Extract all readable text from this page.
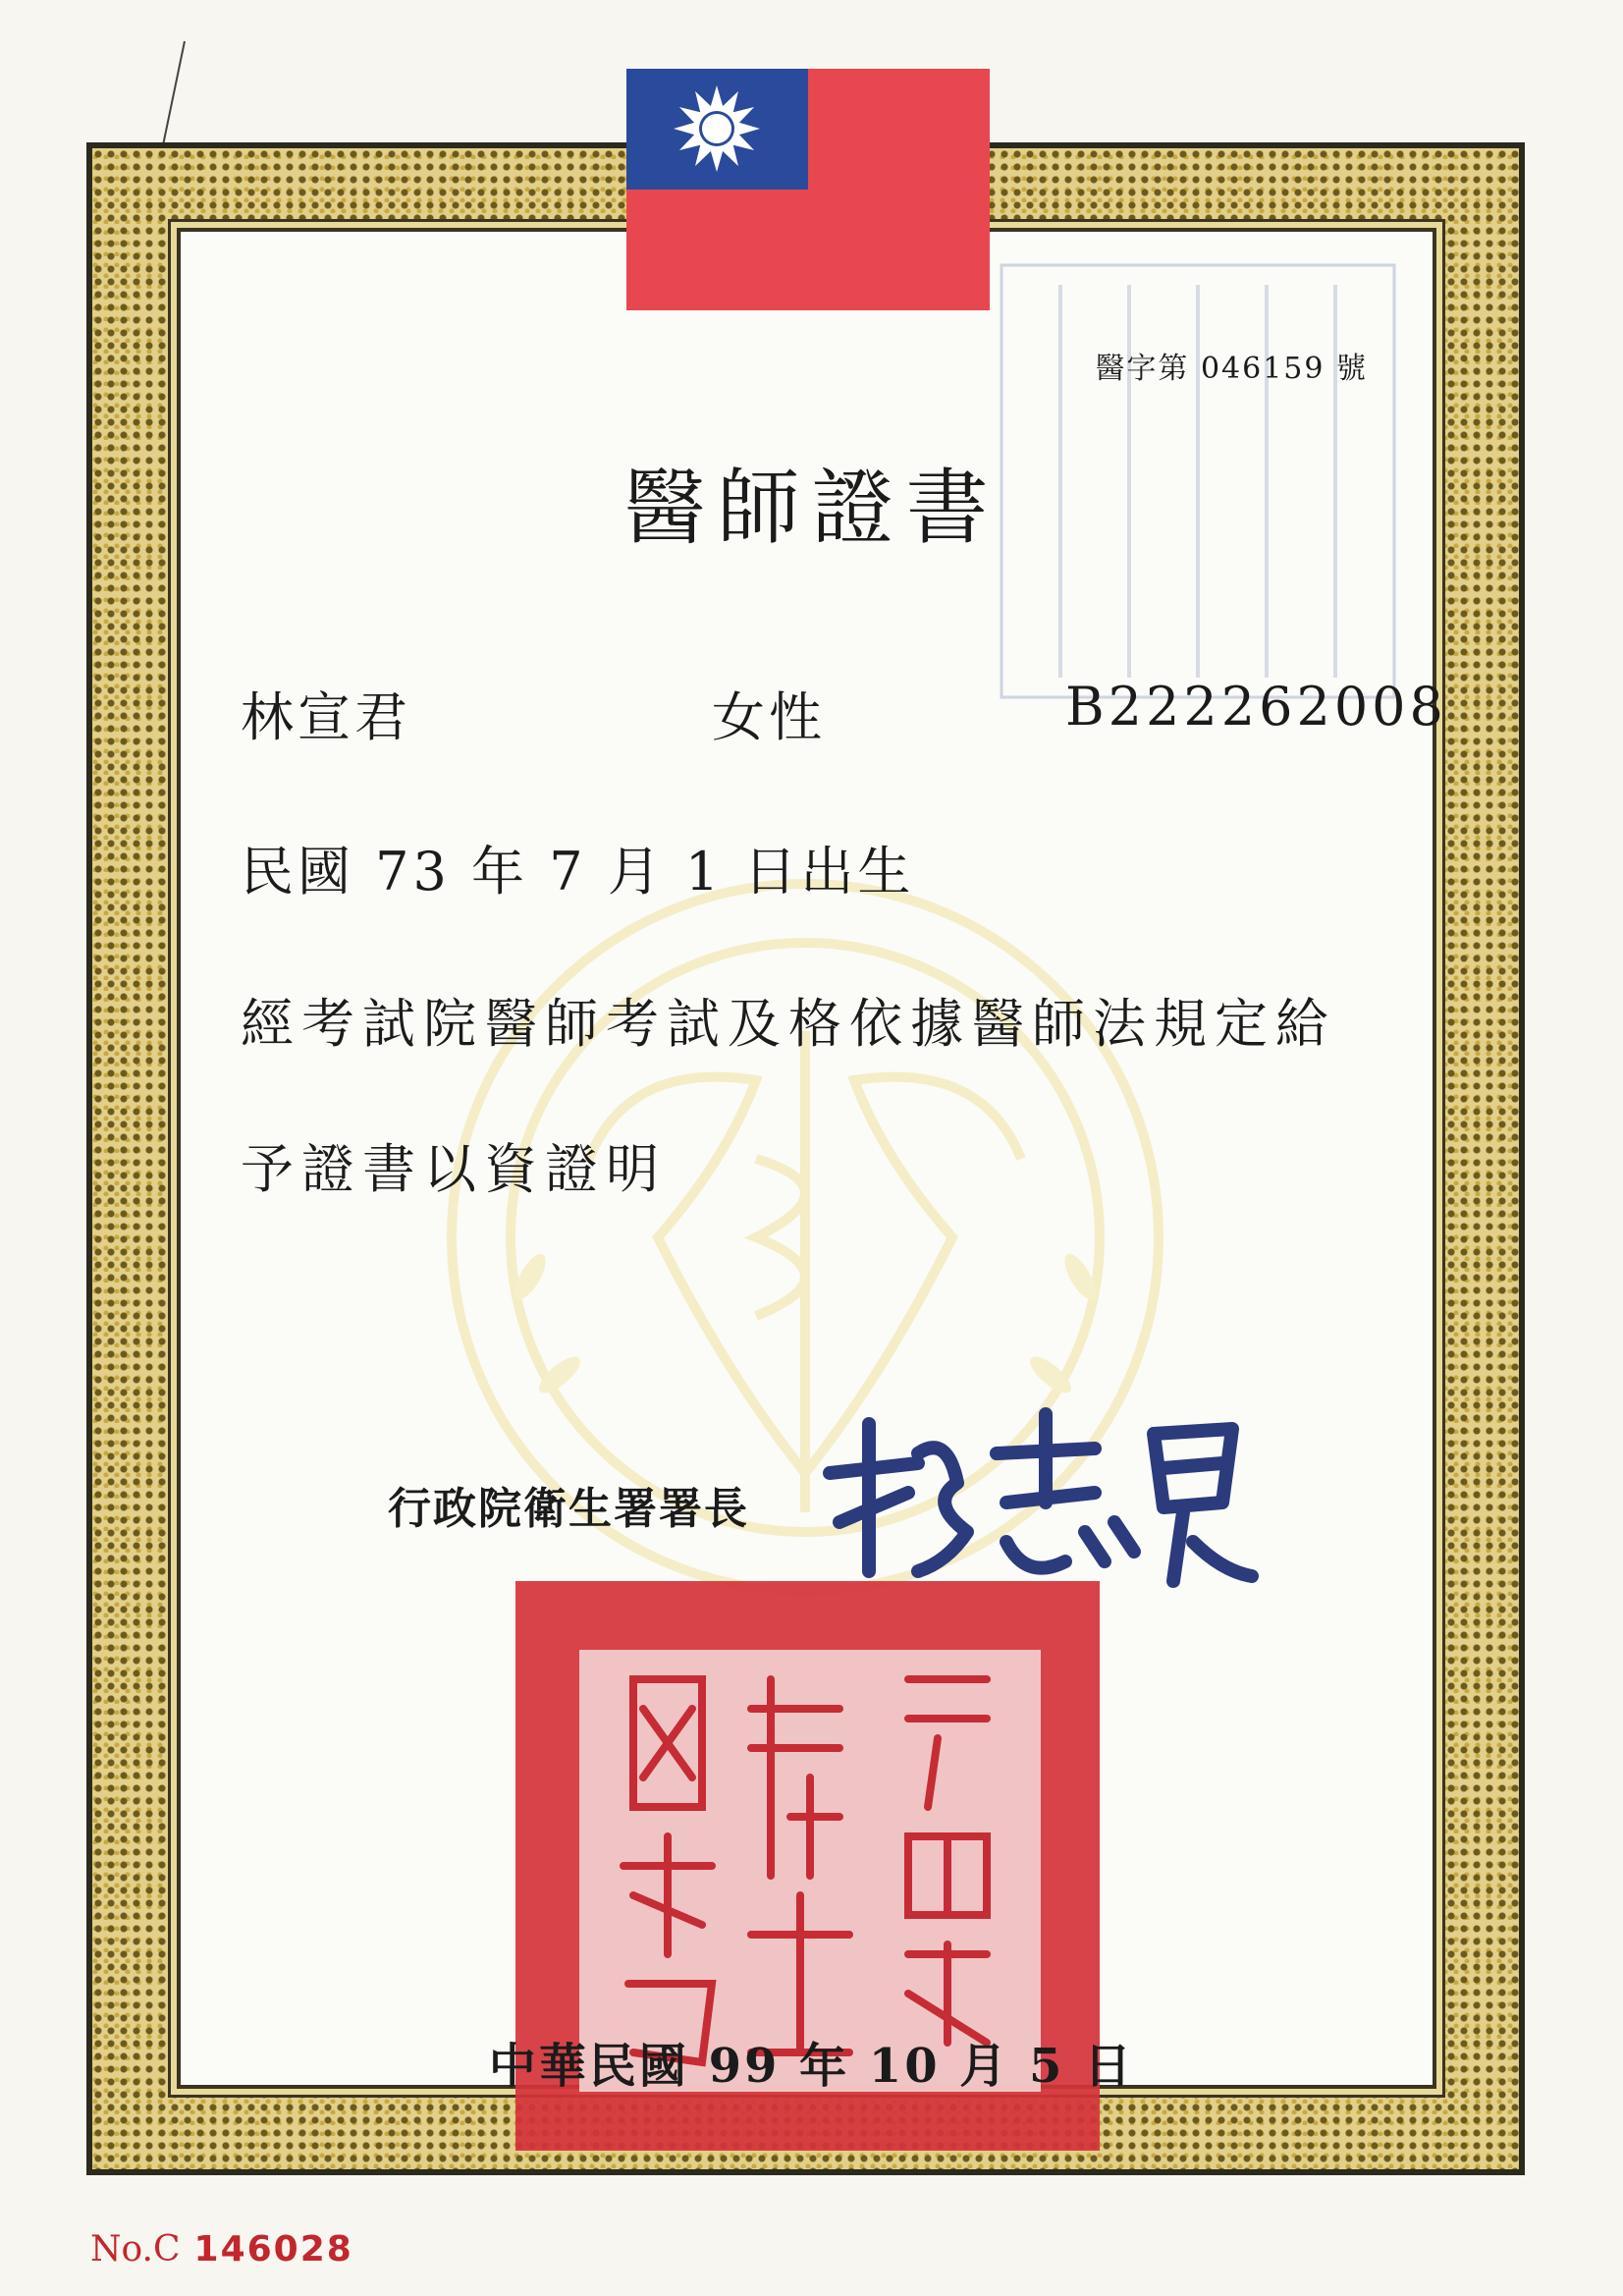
醫字第 046159 號
醫師證書
林宣君	女性	B222262008
民國 73 年 7 月 1 日出生
經考試院醫師考試及格依據醫師法規定給
予證書以資證明
行政院衛生署署長
中華民國 99 年 10 月 5 日
No.C 146028
